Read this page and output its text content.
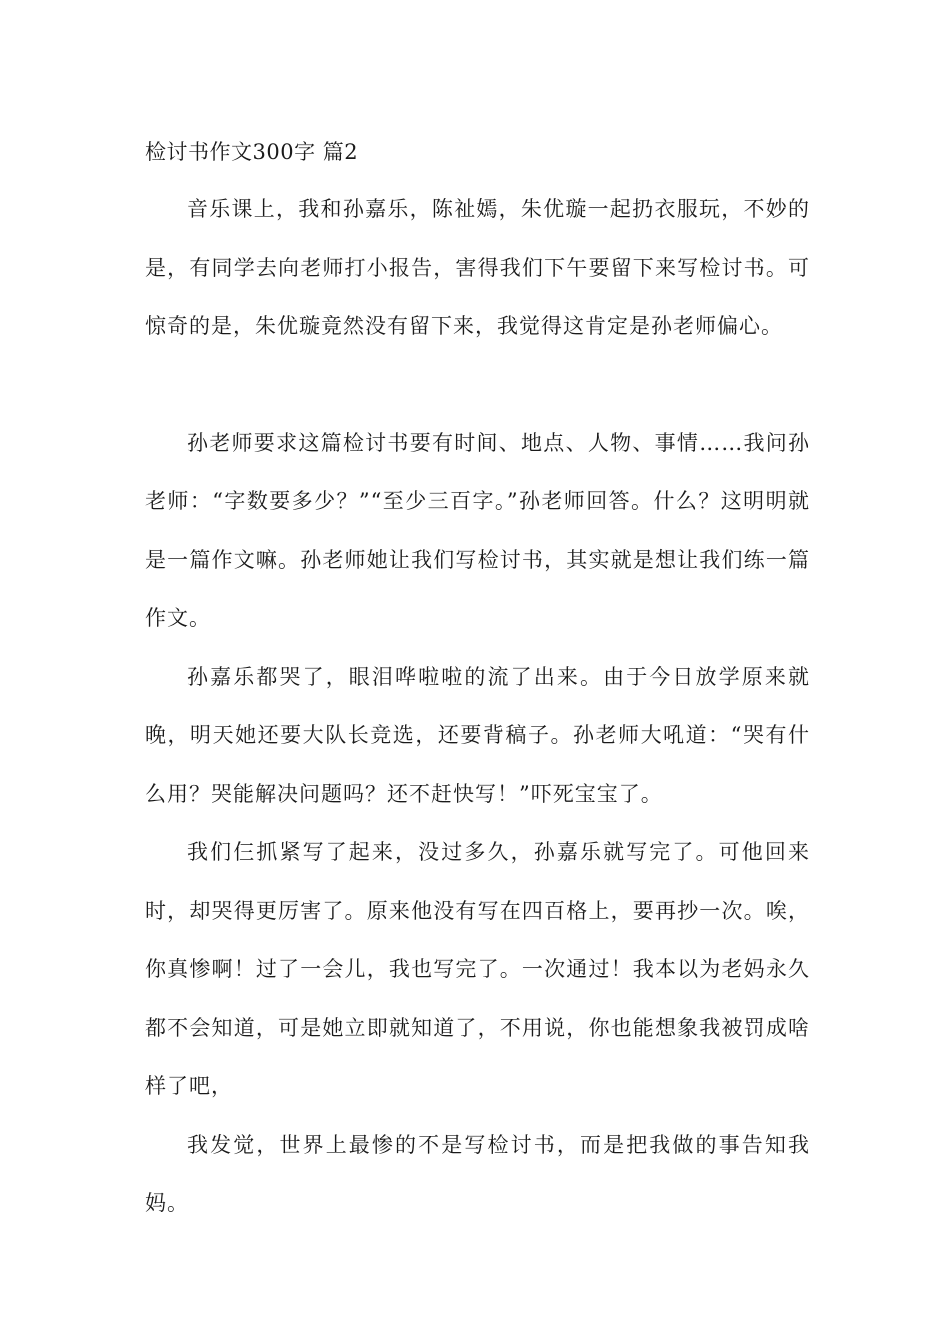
检讨书作文300字 篇2

音乐课上，我和孙嘉乐，陈祉嫣，朱优璇一起扔衣服玩，不妙的是，有同学去向老师打小报告，害得我们下午要留下来写检讨书。可惊奇的是，朱优璇竟然没有留下来，我觉得这肯定是孙老师偏心。

孙老师要求这篇检讨书要有时间、地点、人物、事情……我问孙老师：“字数要多少？”“至少三百字。”孙老师回答。什么？这明明就是一篇作文嘛。孙老师她让我们写检讨书，其实就是想让我们练一篇作文。

孙嘉乐都哭了，眼泪哗啦啦的流了出来。由于今日放学原来就晚，明天她还要大队长竞选，还要背稿子。孙老师大吼道：“哭有什么用？哭能解决问题吗？还不赶快写！”吓死宝宝了。

我们仨抓紧写了起来，没过多久，孙嘉乐就写完了。可他回来时，却哭得更厉害了。原来他没有写在四百格上，要再抄一次。唉，你真惨啊！过了一会儿，我也写完了。一次通过！我本以为老妈永久都不会知道，可是她立即就知道了，不用说，你也能想象我被罚成啥样了吧，

我发觉，世界上最惨的不是写检讨书，而是把我做的事告知我妈。
